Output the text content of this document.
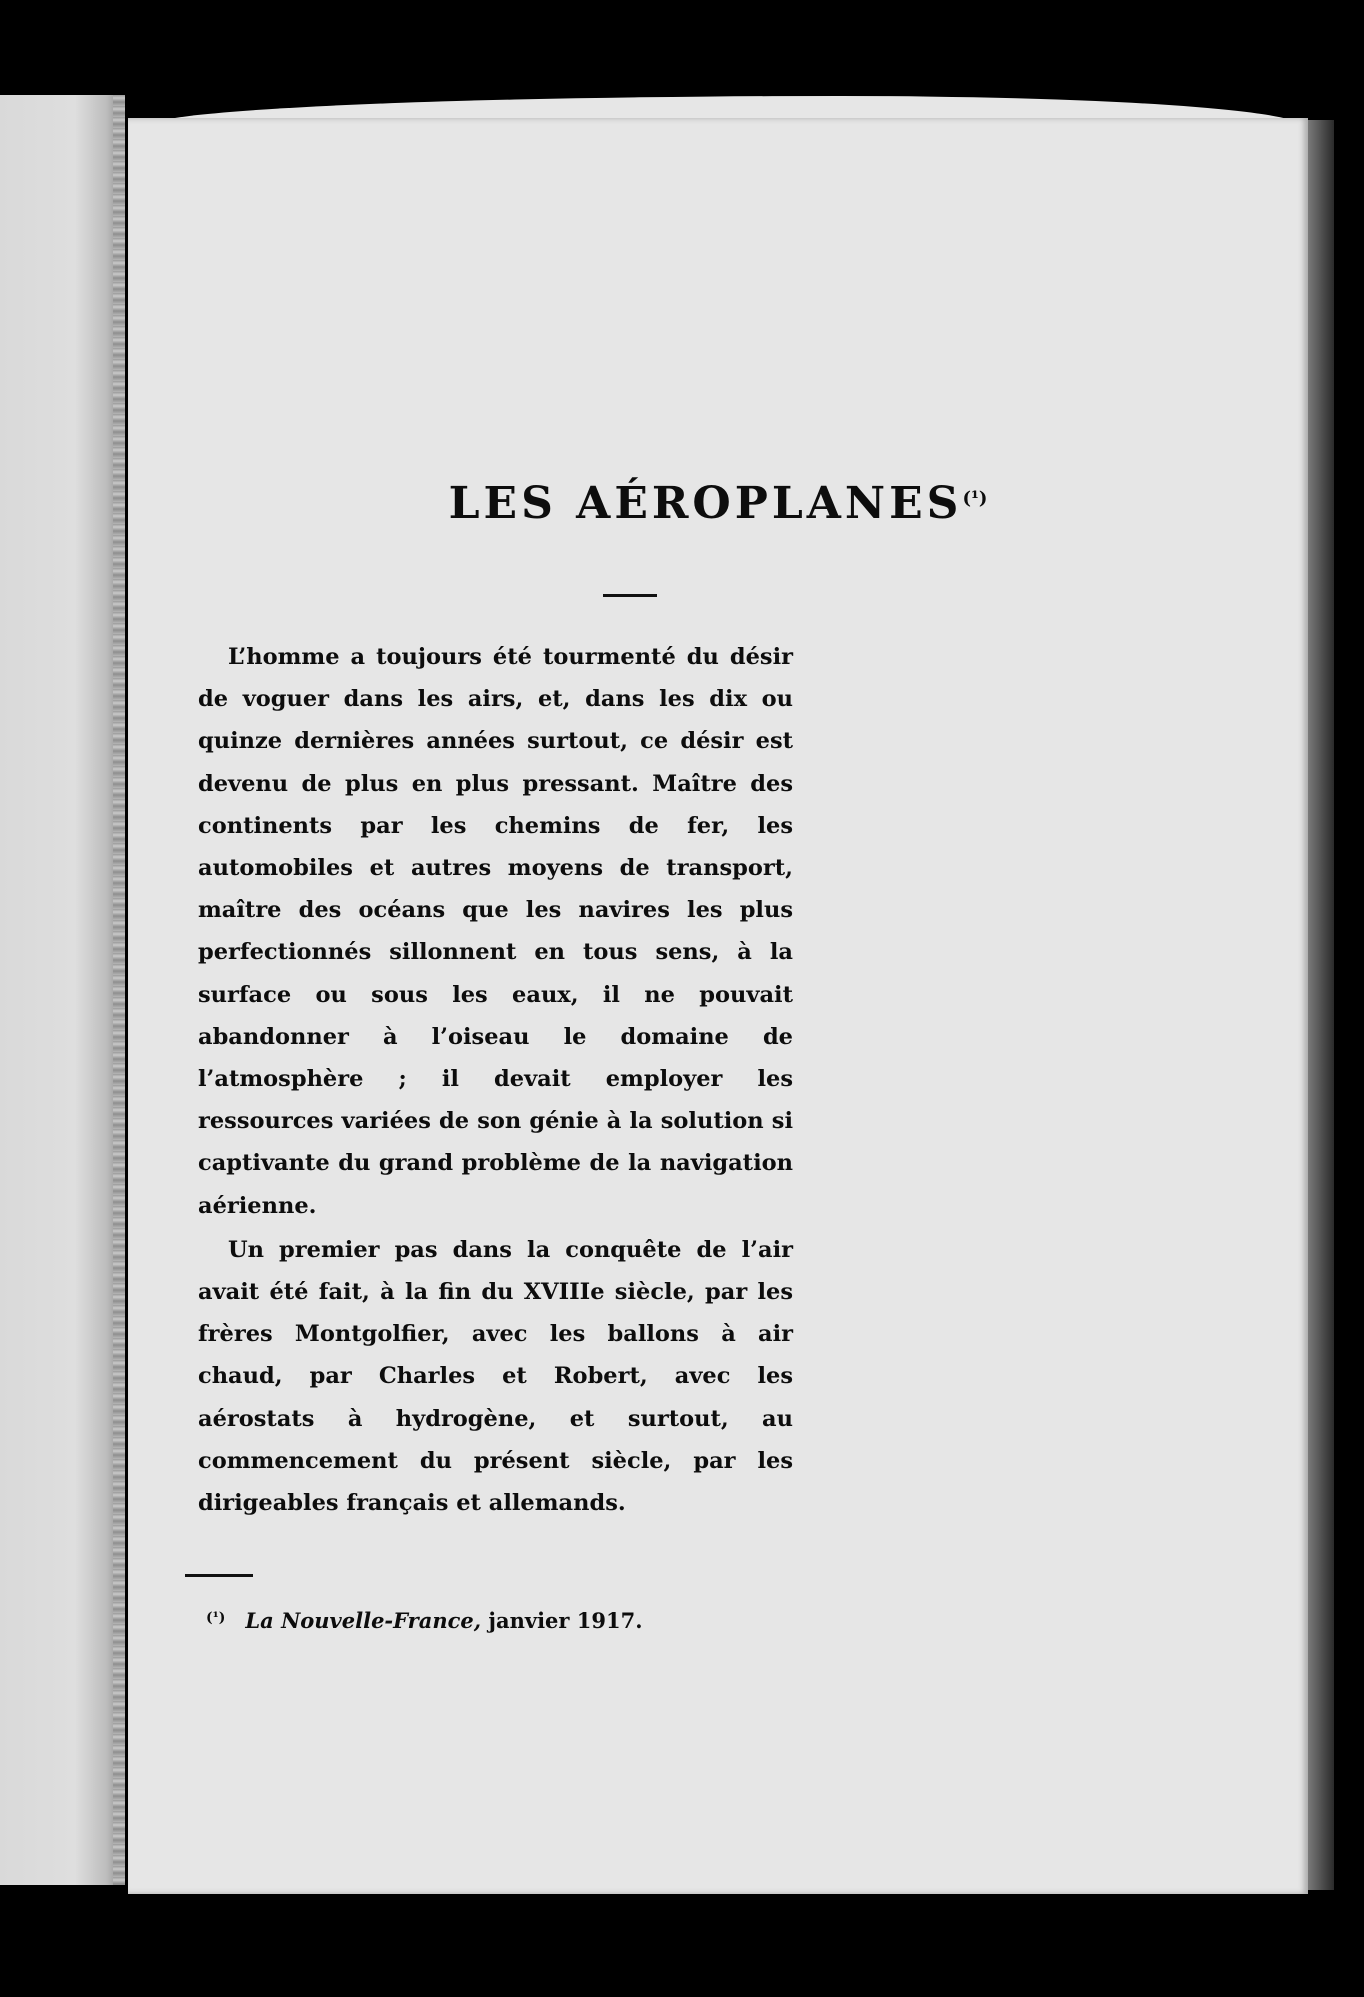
LES $AÉROPLANES^{(^1)}$

L’homme a toujours été tourmenté du désir de voguer dans les airs, et, dans les dix ou quinze dernières années surtout, ce désir est devenu de plus en plus pressant. Maître des continents par les chemins de fer, les automobiles et autres moyens de transport, maître des océans que les navires les plus perfectionnés sillonnent en tous sens, à la surface ou sous les eaux, il ne pouvait abandonner à l’oiseau le domaine de l’atmosphère ; il devait employer les ressources variées de son génie à la solution si captivante du grand problème de la navigation aérienne.

Un premier pas dans la conquête de l’air avait été fait, à la fin du XVIIIe siècle, par les frères Montgolfier, avec les ballons à air chaud, par Charles et Robert, avec les aérostats à hydrogène, et surtout, au commencement du présent siècle, par les dirigeables français et allemands.

$^{(^1)}$ La Nouvelle-France, janvier 1917.
